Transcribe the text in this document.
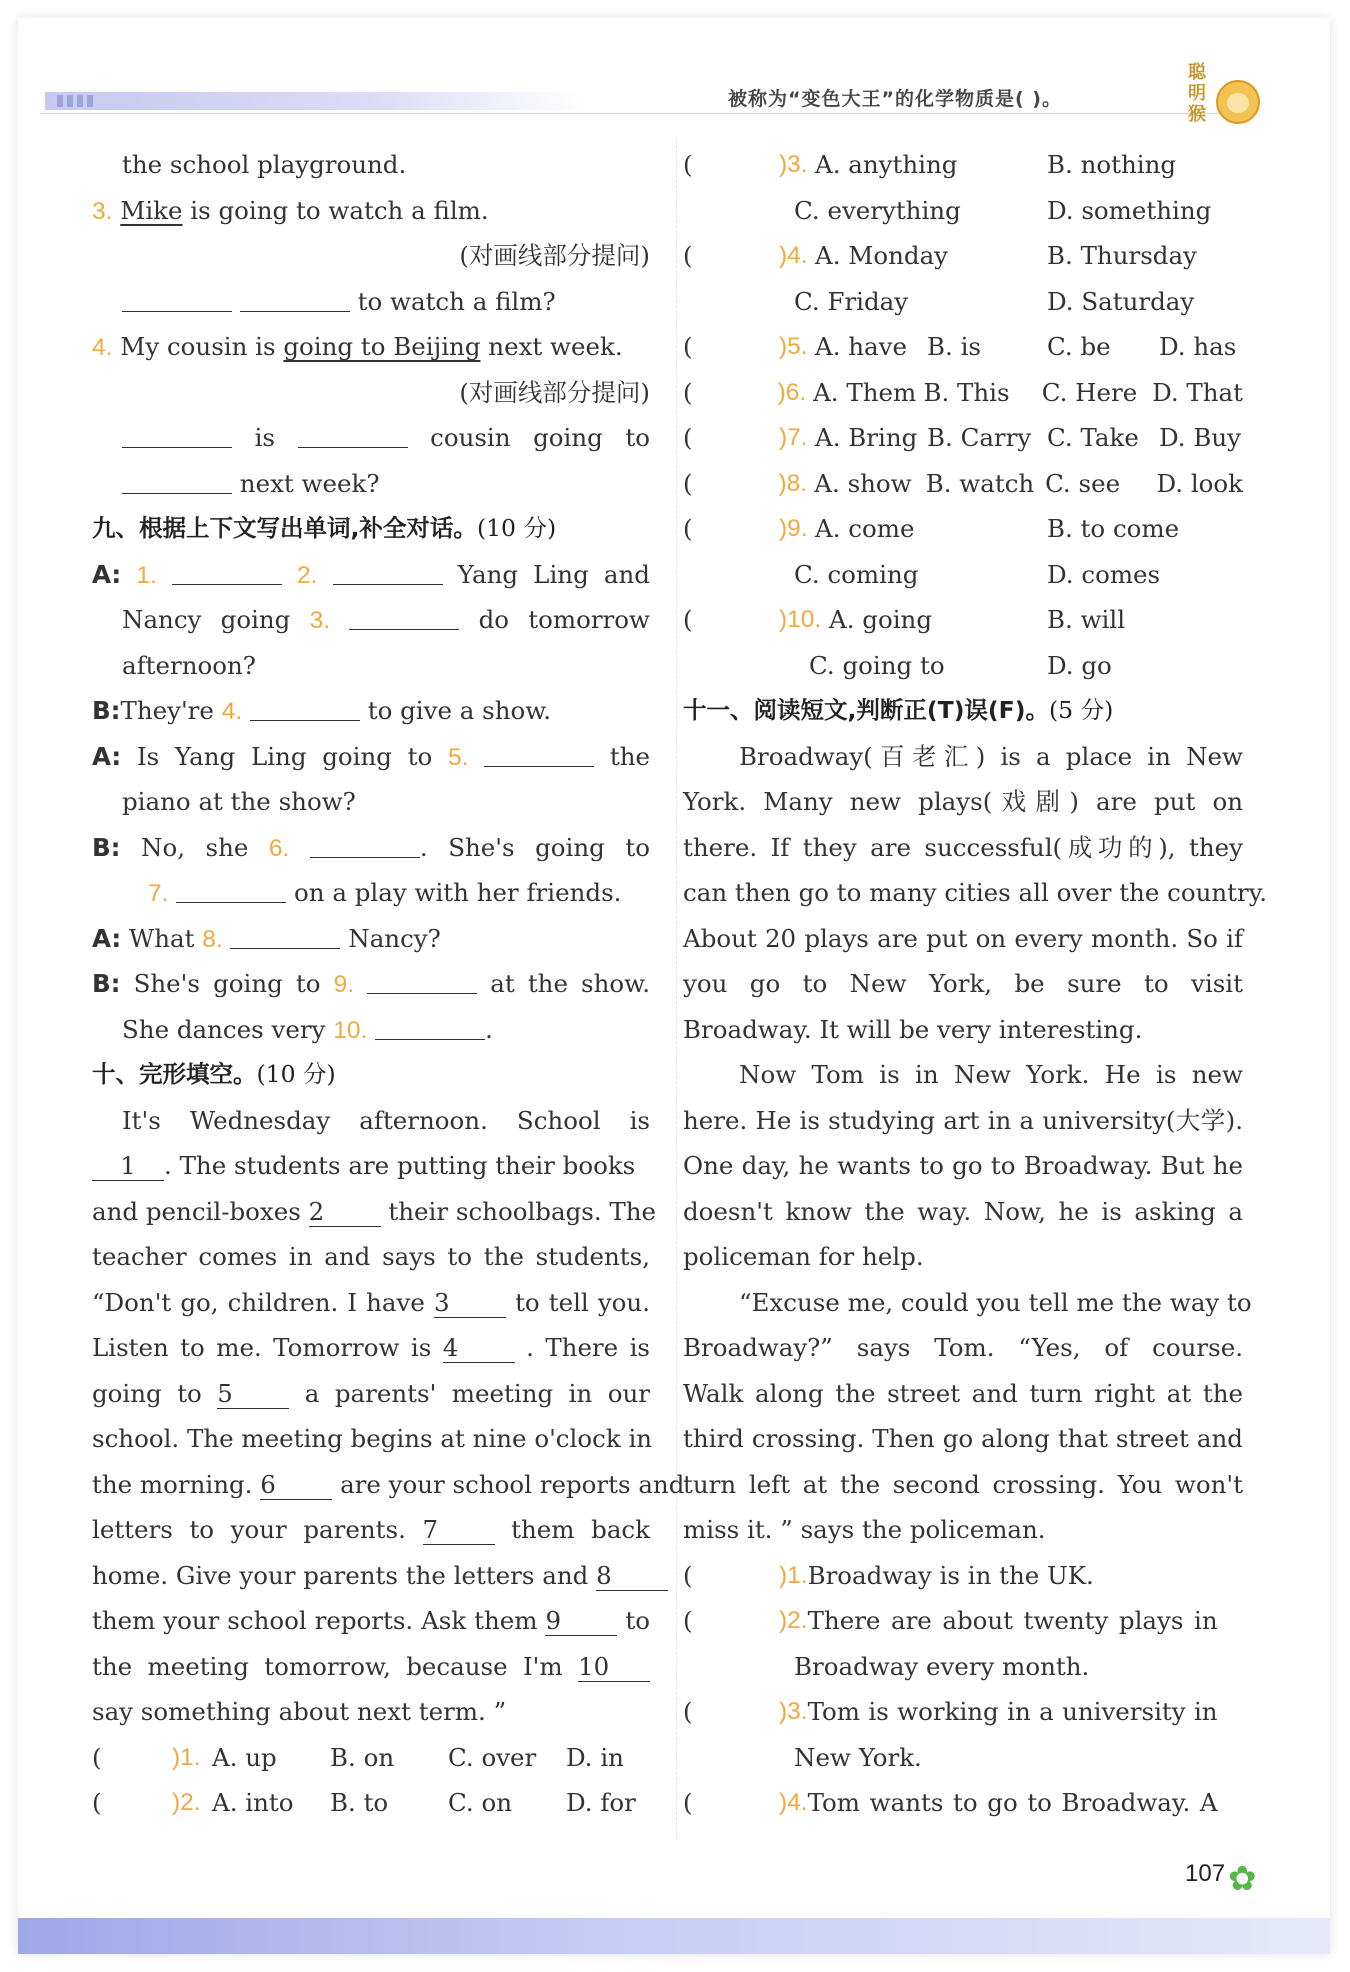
被称为“变色大王”的化学物质是( )。
聪明猴
the school playground.
3. Mike is going to watch a film.
(对画线部分提问)
to watch a film?
4. My cousin is going to Beijing next week.
(对画线部分提问)
is	cousin going to
next week?
九、根据上下文写出单词,补全对话。(10 分)
A: 1.	2.	Yang Ling and
Nancy going 3.	do tomorrow
afternoon?
B:They're 4.	to give a show.
A: Is Yang Ling going to 5.	the
piano at the show?
B: No, she 6.	. She's going to
7.	on a play with her friends.
A: What 8.	Nancy?
B: She's going to 9.	at the show.
She dances very 10.	.
十、完形填空。(10 分)
It's Wednesday afternoon. School is
1 . The students are putting their books
and pencil-boxes 2	their schoolbags. The
teacher comes in and says to the students,
“Don't go, children. I have 3	to tell you.
Listen to me. Tomorrow is 4	. There is
going to 5	a parents' meeting in our
school. The meeting begins at nine o'clock in
the morning. 6	are your school reports and
letters to your parents. 7	them back
home. Give your parents the letters and 8
them your school reports. Ask them 9	to
the meeting tomorrow, because I'm 10
say something about next term. ”
(	)1. A. up	B. on	C. over	D. in
(	)2. A. into	B. to	C. on	D. for
(	)3. A. anything	B. nothing
C. everything	D. something
(	)4. A. Monday	B. Thursday
C. Friday	D. Saturday
(	)5. A. have B. is	C. be	D. has
(	)6. A. Them B. This	C. Here D. That
(	)7. A. Bring B. Carry C. Take D. Buy
(	)8. A. show B. watch C. see	D. look
(	)9. A. come	B. to come
C. coming	D. comes
(	)10. A. going	B. will
C. going to	D. go
十一、阅读短文,判断正(T)误(F)。(5 分)
Broadway(百老汇) is a place in New
York. Many new plays(戏剧) are put on
there. If they are successful(成功的), they
can then go to many cities all over the country.
About 20 plays are put on every month. So if
you go to New York, be sure to visit
Broadway. It will be very interesting.
Now Tom is in New York. He is new
here. He is studying art in a university(大学).
One day, he wants to go to Broadway. But he
doesn't know the way. Now, he is asking a
policeman for help.
“Excuse me, could you tell me the way to
Broadway?” says Tom. “Yes, of course.
Walk along the street and turn right at the
third crossing. Then go along that street and
turn left at the second crossing. You won't
miss it. ” says the policeman.
(	)1. Broadway is in the UK.
(	)2. There are about twenty plays in
Broadway every month.
(	)3. Tom is working in a university in
New York.
(	)4. Tom wants to go to Broadway. A
107 ✿
